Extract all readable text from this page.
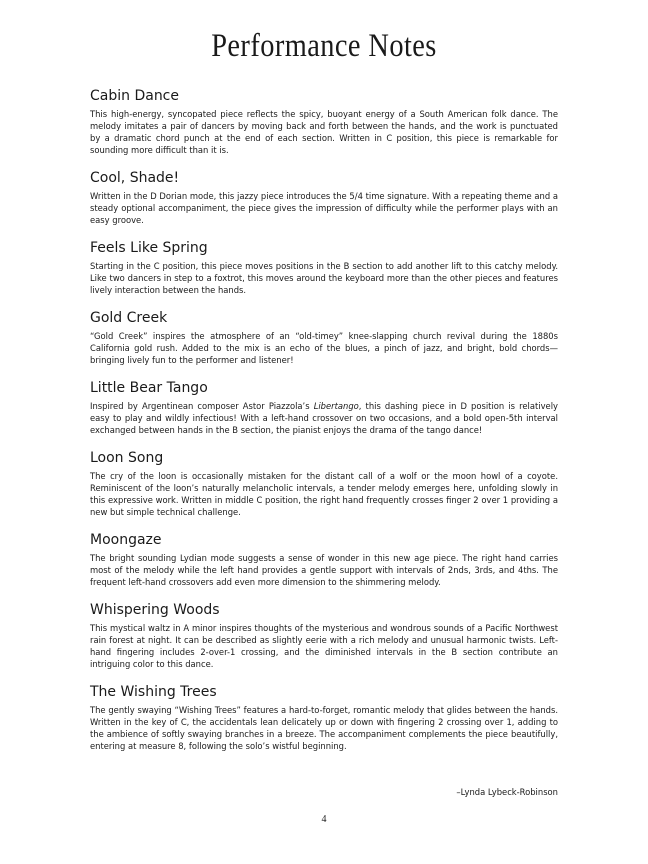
Performance Notes
Cabin Dance

This high-energy, syncopated piece reflects the spicy, buoyant energy of a South American folk dance. The melody imitates a pair of dancers by moving back and forth between the hands, and the work is punctuated by a dramatic chord punch at the end of each section. Written in C position, this piece is remarkable for sounding more difficult than it is.

Cool, Shade!

Written in the D Dorian mode, this jazzy piece introduces the 5/4 time signature. With a repeating theme and a steady optional accompaniment, the piece gives the impression of difficulty while the performer plays with an easy groove.

Feels Like Spring

Starting in the C position, this piece moves positions in the B section to add another lift to this catchy melody. Like two dancers in step to a foxtrot, this moves around the keyboard more than the other pieces and features lively interaction between the hands.

Gold Creek

“Gold Creek” inspires the atmosphere of an “old-timey” knee-slapping church revival during the 1880s California gold rush. Added to the mix is an echo of the blues, a pinch of jazz, and bright, bold chords—bringing lively fun to the performer and listener!

Little Bear Tango

Inspired by Argentinean composer Astor Piazzola’s Libertango, this dashing piece in D position is relatively easy to play and wildly infectious! With a left-hand crossover on two occasions, and a bold open-5th interval exchanged between hands in the B section, the pianist enjoys the drama of the tango dance!

Loon Song

The cry of the loon is occasionally mistaken for the distant call of a wolf or the moon howl of a coyote. Reminiscent of the loon’s naturally melancholic intervals, a tender melody emerges here, unfolding slowly in this expressive work. Written in middle C position, the right hand frequently crosses finger 2 over 1 providing a new but simple technical challenge.

Moongaze

The bright sounding Lydian mode suggests a sense of wonder in this new age piece. The right hand carries most of the melody while the left hand provides a gentle support with intervals of 2nds, 3rds, and 4ths. The frequent left-hand crossovers add even more dimension to the shimmering melody.

Whispering Woods

This mystical waltz in A minor inspires thoughts of the mysterious and wondrous sounds of a Pacific Northwest rain forest at night. It can be described as slightly eerie with a rich melody and unusual harmonic twists. Left-hand fingering includes 2-over-1 crossing, and the diminished intervals in the B section contribute an intriguing color to this dance.

The Wishing Trees

The gently swaying “Wishing Trees” features a hard-to-forget, romantic melody that glides between the hands. Written in the key of C, the accidentals lean delicately up or down with fingering 2 crossing over 1, adding to the ambience of softly swaying branches in a breeze. The accompaniment complements the piece beautifully, entering at measure 8, following the solo’s wistful beginning.

–Lynda Lybeck-Robinson
4
